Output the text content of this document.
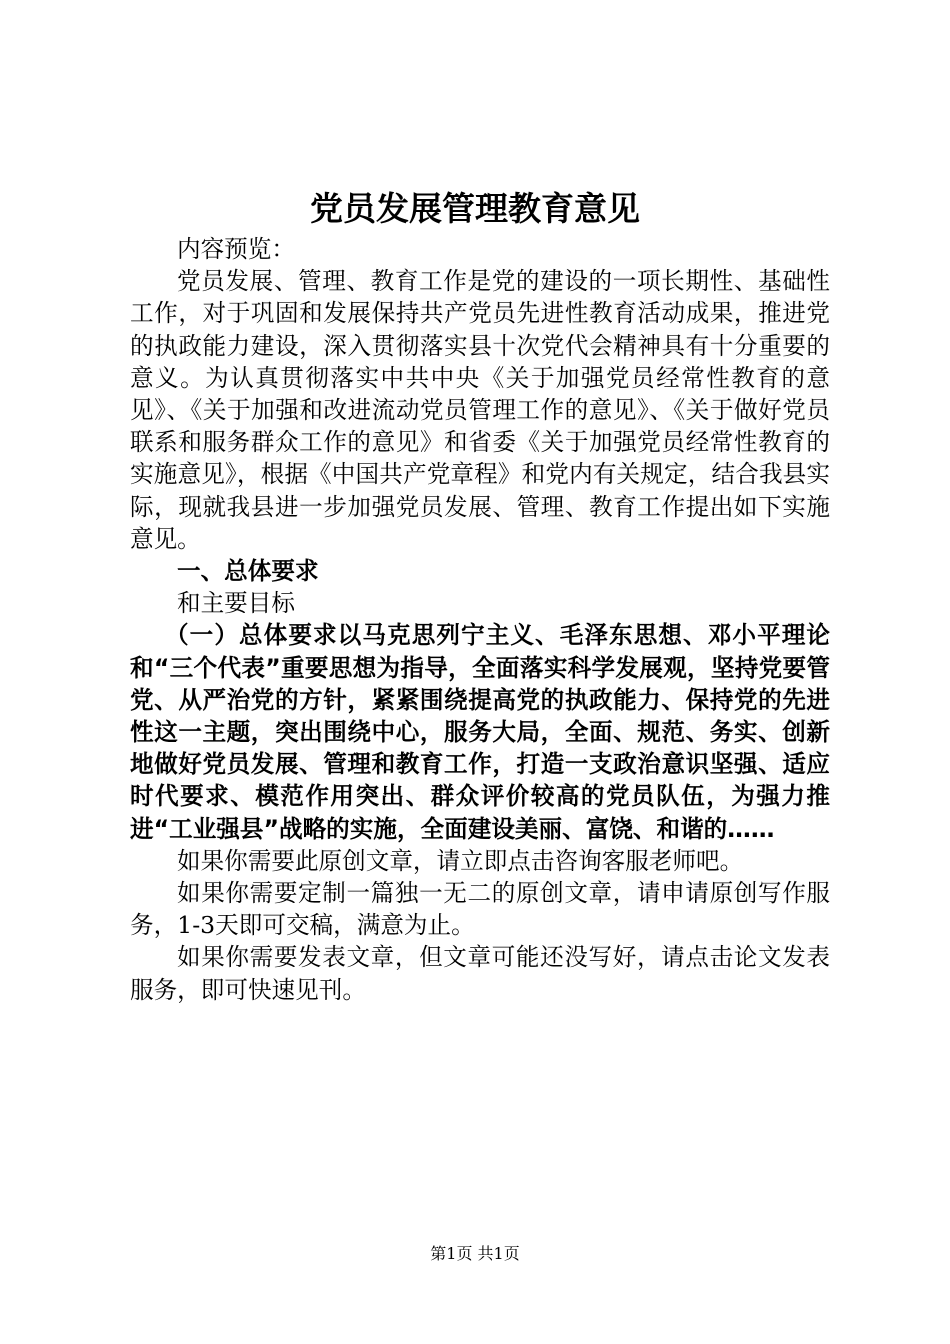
党员发展管理教育意见

内容预览：

党员发展、管理、教育工作是党的建设的一项长期性、基础性工作，对于巩固和发展保持共产党员先进性教育活动成果，推进党的执政能力建设，深入贯彻落实县十次党代会精神具有十分重要的意义。为认真贯彻落实中共中央《关于加强党员经常性教育的意见》、《关于加强和改进流动党员管理工作的意见》、《关于做好党员联系和服务群众工作的意见》和省委《关于加强党员经常性教育的实施意见》，根据《中国共产党章程》和党内有关规定，结合我县实际，现就我县进一步加强党员发展、管理、教育工作提出如下实施意见。

一、总体要求

和主要目标

（一）总体要求以马克思列宁主义、毛泽东思想、邓小平理论和“三个代表”重要思想为指导，全面落实科学发展观，坚持党要管党、从严治党的方针，紧紧围绕提高党的执政能力、保持党的先进性这一主题，突出围绕中心，服务大局，全面、规范、务实、创新地做好党员发展、管理和教育工作，打造一支政治意识坚强、适应时代要求、模范作用突出、群众评价较高的党员队伍，为强力推进“工业强县”战略的实施，全面建设美丽、富饶、和谐的……

如果你需要此原创文章，请立即点击咨询客服老师吧。

如果你需要定制一篇独一无二的原创文章，请申请原创写作服务，1-3天即可交稿，满意为止。

如果你需要发表文章，但文章可能还没写好，请点击论文发表服务，即可快速见刊。

第1页 共1页
